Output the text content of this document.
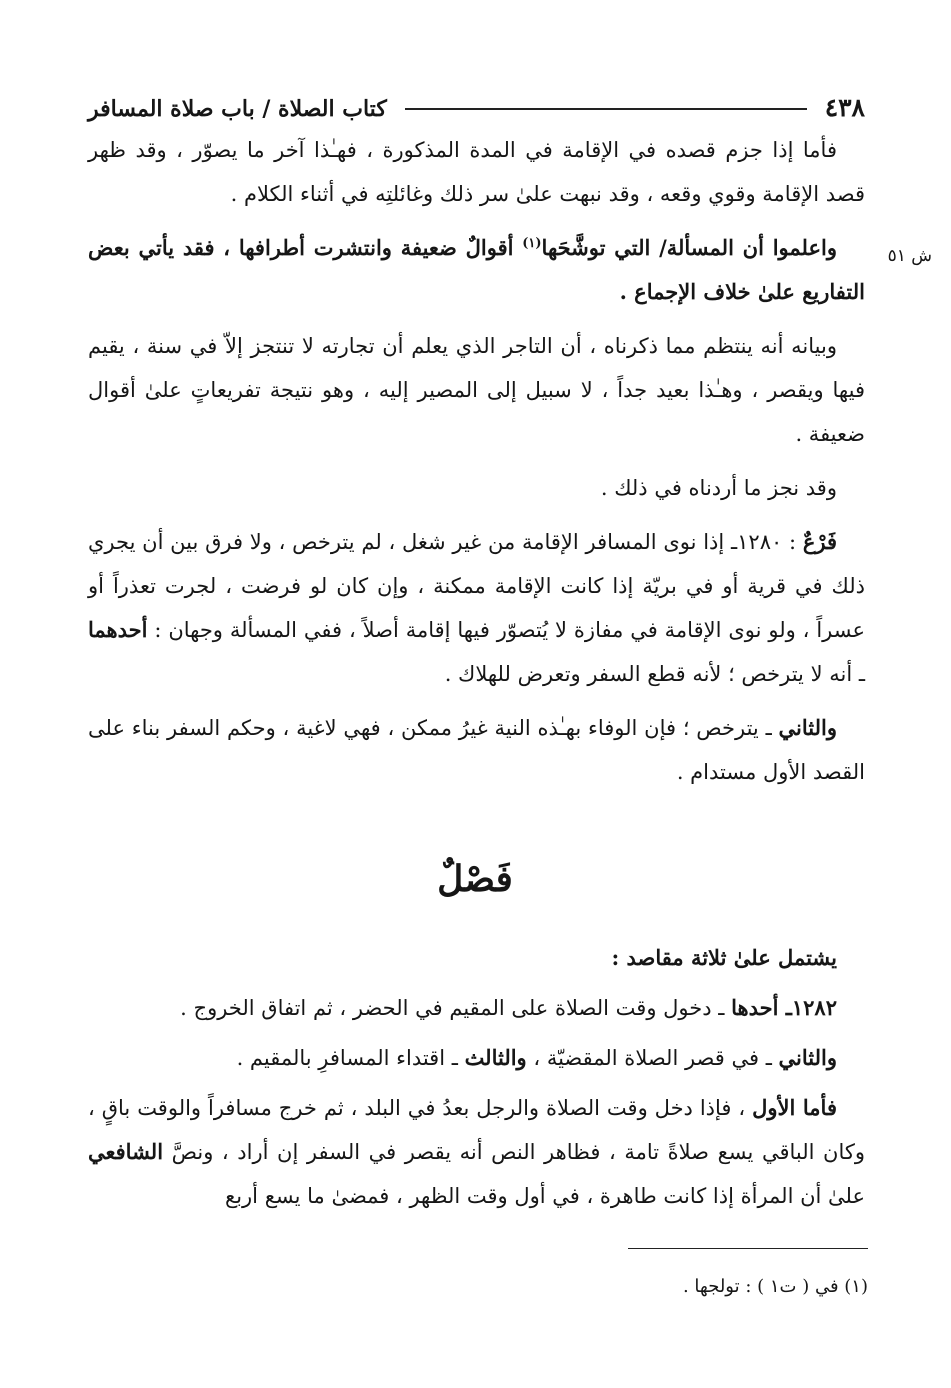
٤٣٨
كتاب الصلاة / باب صلاة المسافر
ش ٥١

فأما إذا جزم قصده في الإقامة في المدة المذكورة ، فهـٰذا آخر ما يصوّر ، وقد ظهر قصد الإقامة وقوي وقعه ، وقد نبهت علىٰ سر ذلك وغائلتِه في أثناء الكلام .

واعلموا أن المسألة/ التي توشَّحَها$^{(١)}$ أقوالٌ ضعيفة وانتشرت أطرافها ، فقد يأتي بعض التفاريع علىٰ خلاف الإجماع .

وبيانه أنه ينتظم مما ذكرناه ، أن التاجر الذي يعلم أن تجارته لا تنتجز إلاّ في سنة ، يقيم فيها ويقصر ، وهـٰذا بعيد جداً ، لا سبيل إلى المصير إليه ، وهو نتيجة تفريعاتٍ علىٰ أقوال ضعيفة .

وقد نجز ما أردناه في ذلك .

فَرْعٌ : ١٢٨٠ـ إذا نوى المسافر الإقامة من غير شغل ، لم يترخص ، ولا فرق بين أن يجري ذلك في قرية أو في بريّة إذا كانت الإقامة ممكنة ، وإن كان لو فرضت ، لجرت تعذراً أو عسراً ، ولو نوى الإقامة في مفازة لا يُتصوّر فيها إقامة أصلاً ، ففي المسألة وجهان : أحدهما ـ أنه لا يترخص ؛ لأنه قطع السفر وتعرض للهلاك .

والثاني ـ يترخص ؛ فإن الوفاء بهـٰذه النية غيرُ ممكن ، فهي لاغية ، وحكم السفر بناء على القصد الأول مستدام .

فَصْلٌ

يشتمل علىٰ ثلاثة مقاصد :

١٢٨٢ـ أحدها ـ دخول وقت الصلاة على المقيم في الحضر ، ثم اتفاق الخروج .

والثاني ـ في قصر الصلاة المقضيّة ، والثالث ـ اقتداء المسافرِ بالمقيم .

فأما الأول ، فإذا دخل وقت الصلاة والرجل بعدُ في البلد ، ثم خرج مسافراً والوقت باقٍ ، وكان الباقي يسع صلاةً تامة ، فظاهر النص أنه يقصر في السفر إن أراد ، ونصَّ الشافعي علىٰ أن المرأة إذا كانت طاهرة ، في أول وقت الظهر ، فمضىٰ ما يسع أربع

(١) في ( ت١ ) : تولجها .
